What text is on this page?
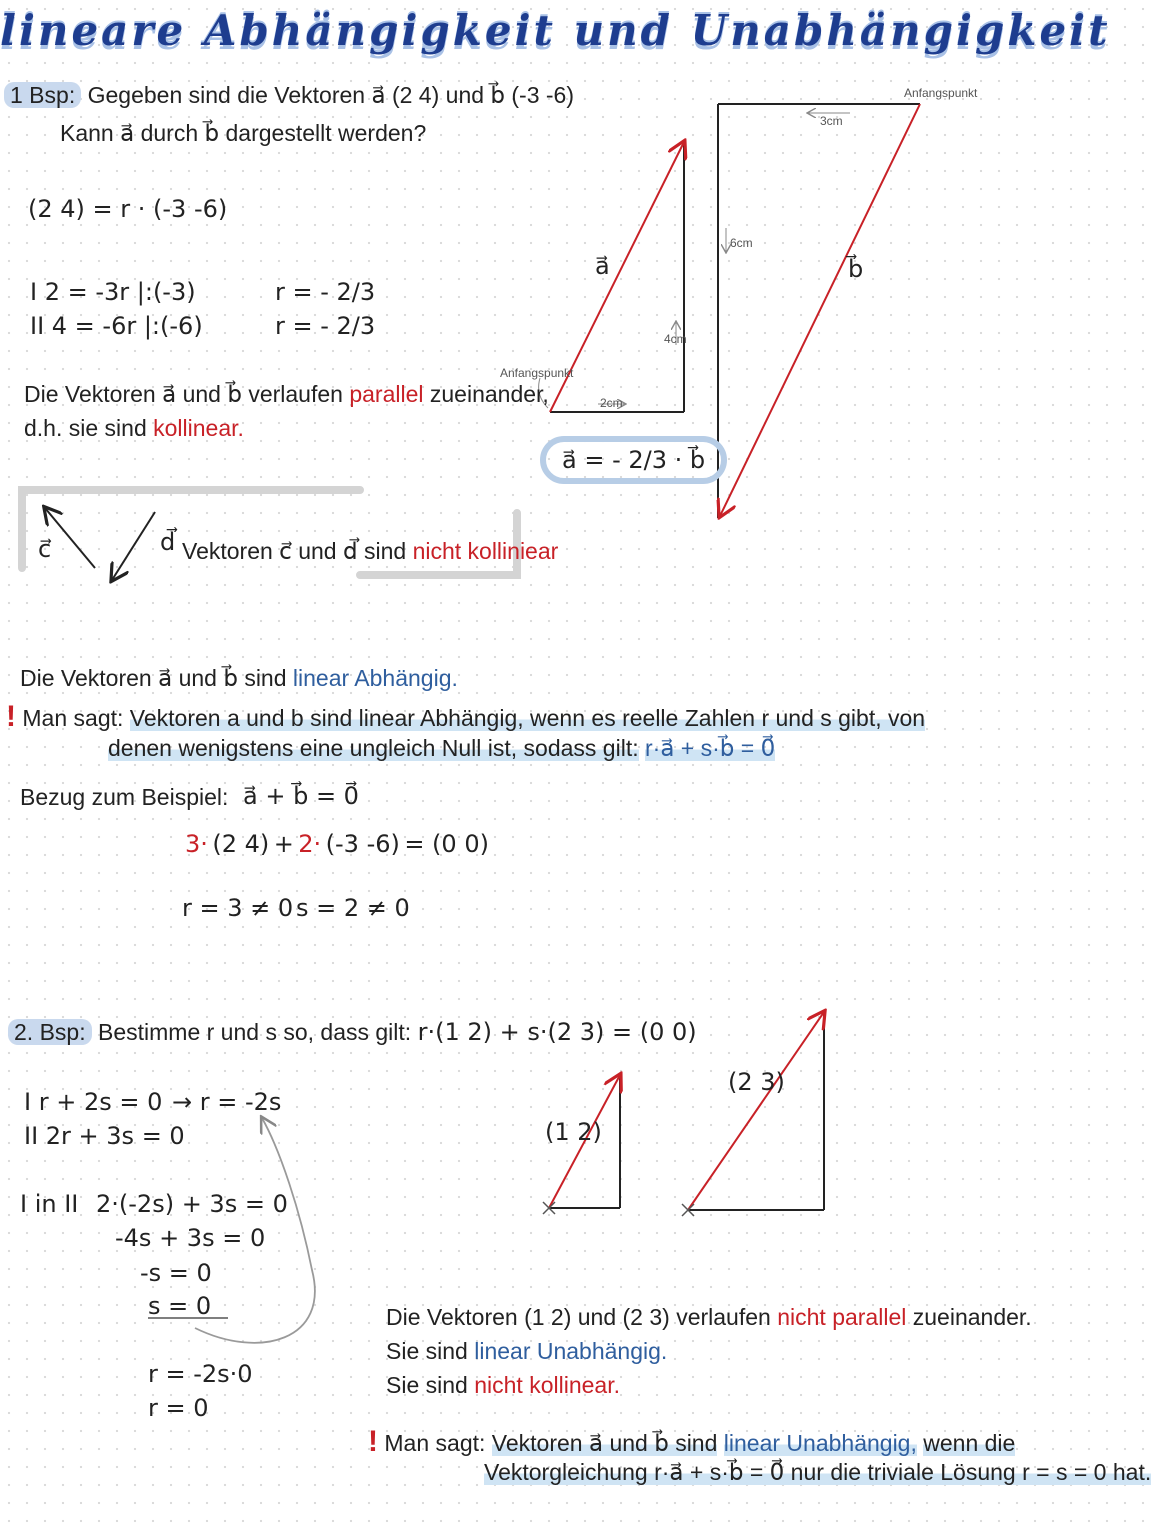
lineare Abhängigkeit und Unabhängigkeit
1 Bsp: Gegeben sind die Vektoren a⃗ (2 4) und b⃗ (-3 -6)
Kann a⃗ durch b⃗ dargestellt werden?
(2 4) = r · (-3 -6)
I 2 = -3r |:(-3)
II 4 = -6r |:(-6)
r = - 2/3
r = - 2/3
Die Vektoren a⃗ und b⃗ verlaufen parallel zueinander,
d.h. sie sind kollinear.
a⃗	b⃗
Anfangspunkt
Anfangspunkt
3cm
2cm
6cm
4cm
a⃗ = - 2/3 · b⃗
c⃗	d⃗ Vektoren c⃗ und d⃗ sind nicht kolliniear
Die Vektoren a⃗ und b⃗ sind linear Abhängig.
! Man sagt: Vektoren a und b sind linear Abhängig, wenn es reelle Zahlen r und s gibt, von
denen wenigstens eine ungleich Null ist, sodass gilt: r·a⃗ + s·b⃗ = 0⃗
Bezug zum Beispiel: a⃗ + b⃗ = 0⃗
3· (2 4) + 2· (-3 -6) = (0 0)
r = 3 ≠ 0 s = 2 ≠ 0
2. Bsp: Bestimme r und s so, dass gilt: r·(1 2) + s·(2 3) = (0 0)
I r + 2s = 0 → r = -2s
II 2r + 3s = 0
I in II 2·(-2s) + 3s = 0
-4s + 3s = 0
-s = 0
s = 0
r = -2s·0
r = 0
(1 2)
(2 3)
Die Vektoren (1 2) und (2 3) verlaufen nicht parallel zueinander.
Sie sind linear Unabhängig.
Sie sind nicht kollinear.
! Man sagt: Vektoren a⃗ und b⃗ sind linear Unabhängig, wenn die
Vektorgleichung r·a⃗ + s·b⃗ = 0⃗ nur die triviale Lösung r = s = 0 hat.
